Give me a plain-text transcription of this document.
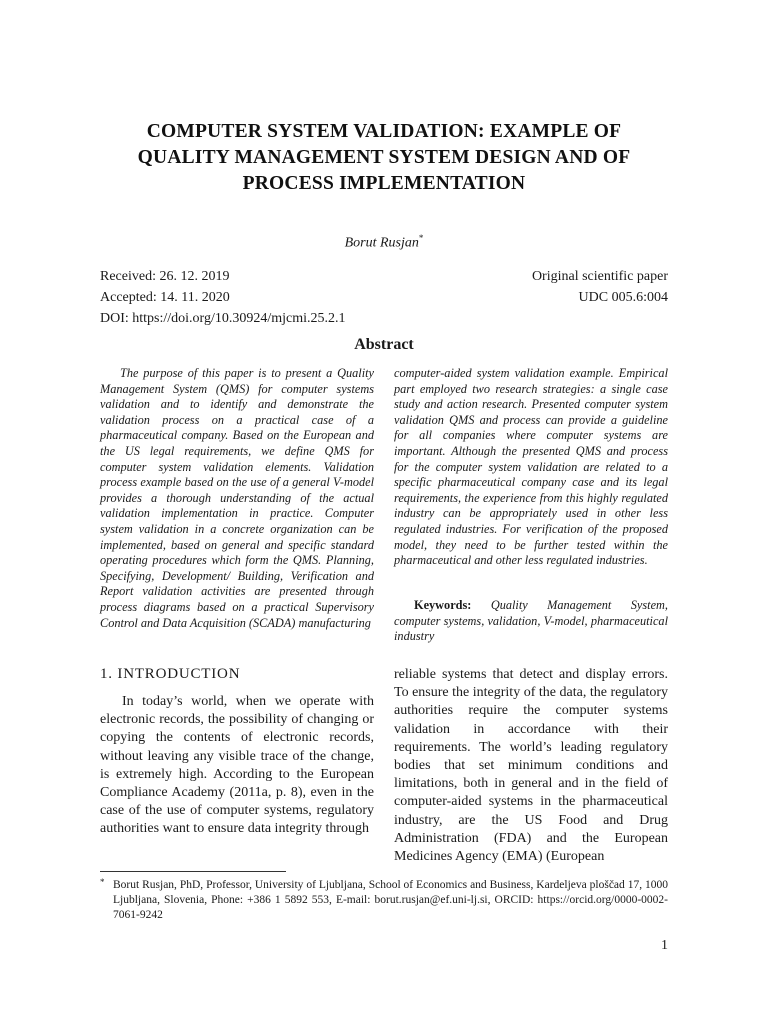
COMPUTER SYSTEM VALIDATION: EXAMPLE OF QUALITY MANAGEMENT SYSTEM DESIGN AND OF PROCESS IMPLEMENTATION
Borut Rusjan*
Received: 26. 12. 2019
Accepted: 14. 11. 2020
DOI: https://doi.org/10.30924/mjcmi.25.2.1
Original scientific paper
UDC 005.6:004
Abstract
The purpose of this paper is to present a Quality Management System (QMS) for computer systems validation and to identify and demonstrate the validation process on a practical case of a pharmaceutical company. Based on the European and the US legal requirements, we define QMS for computer system validation elements. Validation process example based on the use of a general V-model provides a thorough understanding of the actual validation implementation in practice. Computer system validation in a concrete organization can be implemented, based on general and specific standard operating procedures which form the QMS. Planning, Specifying, Development/ Building, Verification and Report validation activities are presented through process diagrams based on a practical Supervisory Control and Data Acquisition (SCADA) manufacturing
computer-aided system validation example. Empirical part employed two research strategies: a single case study and action research. Presented computer system validation QMS and process can provide a guideline for all companies where computer systems are important. Although the presented QMS and process for the computer system validation are related to a specific pharmaceutical company case and its legal requirements, the experience from this highly regulated industry can be appropriately used in other less regulated industries. For verification of the proposed model, they need to be further tested within the pharmaceutical and other less regulated industries.
Keywords: Quality Management System, computer systems, validation, V-model, pharmaceutical industry
1. INTRODUCTION
In today’s world, when we operate with electronic records, the possibility of changing or copying the contents of electronic records, without leaving any visible trace of the change, is extremely high. According to the European Compliance Academy (2011a, p. 8), even in the case of the use of computer systems, regulatory authorities want to ensure data integrity through
reliable systems that detect and display errors. To ensure the integrity of the data, the regulatory authorities require the computer systems validation in accordance with their requirements. The world’s leading regulatory bodies that set minimum conditions and limitations, both in general and in the field of computer-aided systems in the pharmaceutical industry, are the US Food and Drug Administration (FDA) and the European Medicines Agency (EMA) (European
* Borut Rusjan, PhD, Professor, University of Ljubljana, School of Economics and Business, Kardeljeva ploščad 17, 1000 Ljubljana, Slovenia, Phone: +386 1 5892 553, E-mail: borut.rusjan@ef.uni-lj.si, ORCID: https://orcid.org/0000-0002-7061-9242
1
